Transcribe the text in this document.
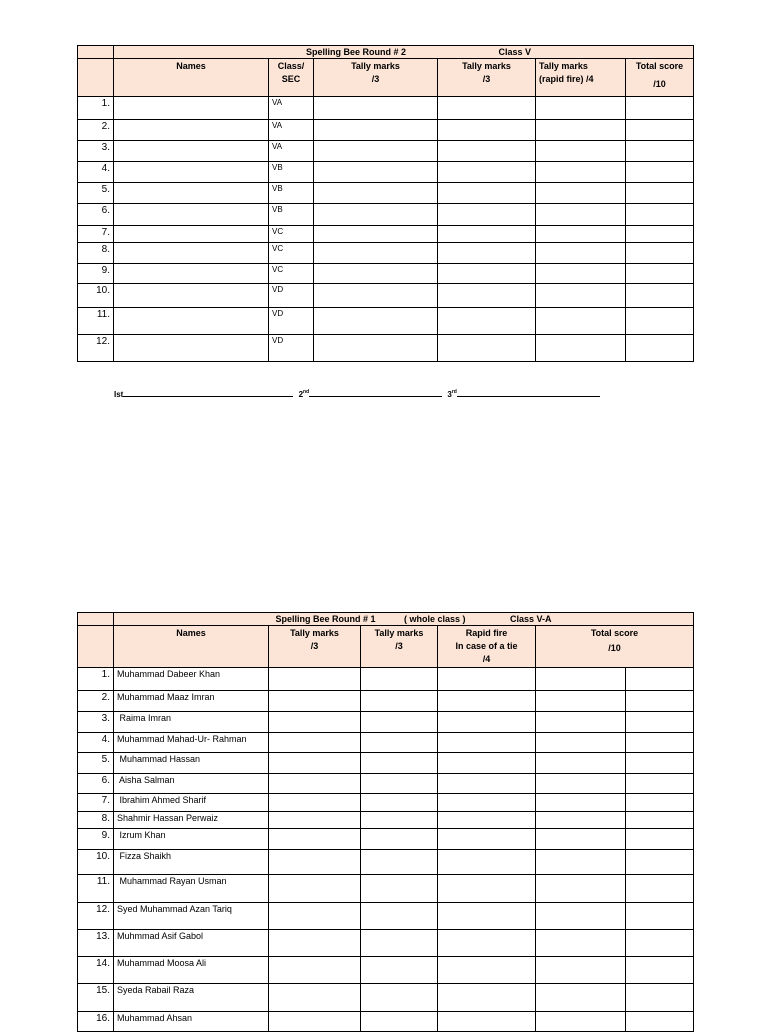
	Spelling Bee Round # 2 Class V					

	Names	Class/
SEC	Tally marks
/3	Tally marks
/3	Tally marks
(rapid fire) /4	Total score
/10

1.		VA				
2.		VA				
3.		VA				
4.		VB				
5.		VB				
6.		VB				
7.		VC				
8.		VC				
9.		VC				
10.		VD				
11.		VD				
12.		VD				
Ist	2nd	3rd
	Spelling Bee Round # 1 ( whole class ) Class V-A					

	Names	Tally marks
/3	Tally marks
/3	Rapid fire
In case of a tie
/4	Total score
/10	

1.	Muhammad Dabeer Khan					
2.	Muhammad Maaz Imran					
3.	Raima Imran					
4.	Muhammad Mahad-Ur- Rahman					
5.	Muhammad Hassan					
6.	Aisha Salman					
7.	Ibrahim Ahmed Sharif					
8.	Shahmir Hassan Perwaiz					
9.	Izrum Khan					
10.	Fizza Shaikh					
11.	Muhammad Rayan Usman					
12.	Syed Muhammad Azan Tariq					
13.	Muhmmad Asif Gabol					
14.	Muhammad Moosa Ali					
15.	Syeda Rabail Raza					
16.	Muhammad Ahsan					
